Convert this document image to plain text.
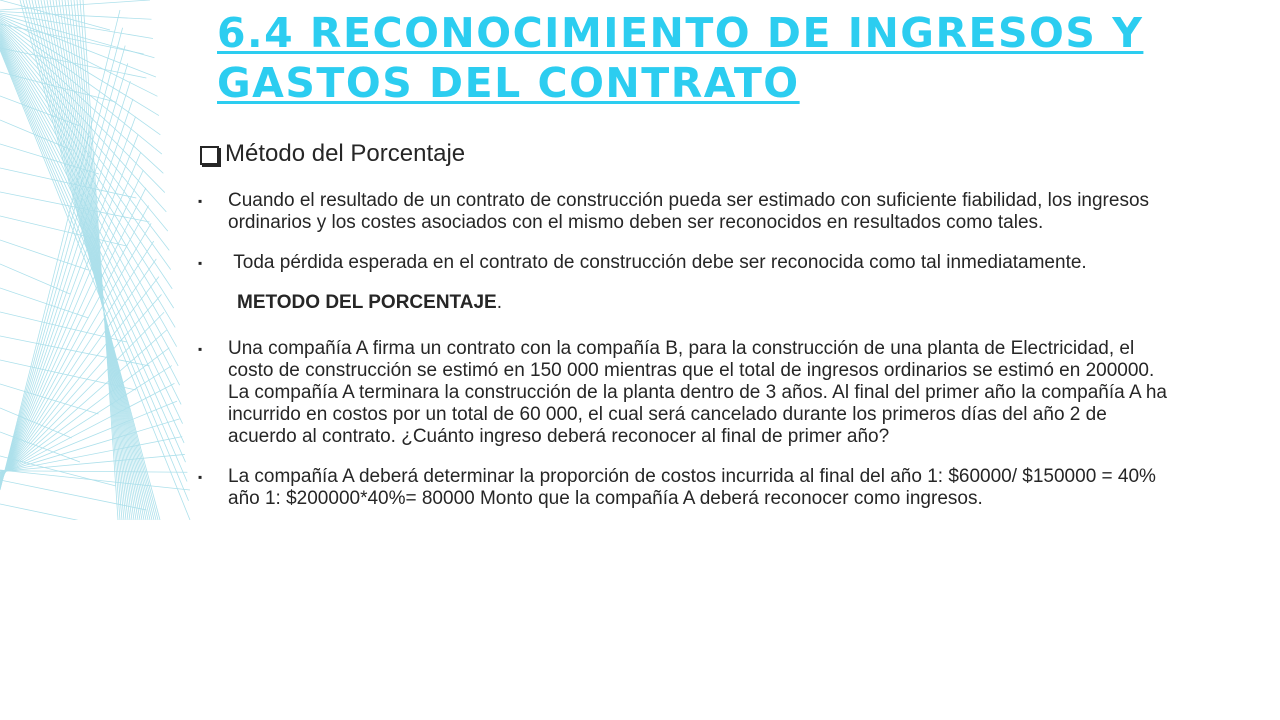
6.4 RECONOCIMIENTO DE INGRESOS Y GASTOS DEL CONTRATO
Método del Porcentaje
▪	Cuando el resultado de un contrato de construcción pueda ser estimado con suficiente fiabilidad, los ingresos ordinarios y los costes asociados con el mismo deben ser reconocidos en resultados como tales.
▪	Toda pérdida esperada en el contrato de construcción debe ser reconocida como tal inmediatamente.
METODO DEL PORCENTAJE.
▪	Una compañía A firma un contrato con la compañía B, para la construcción de una planta de Electricidad, el costo de construcción se estimó en 150 000 mientras que el total de ingresos ordinarios se estimó en 200000. La compañía A terminara la construcción de la planta dentro de 3 años. Al final del primer año la compañía A ha incurrido en costos por un total de 60 000, el cual será cancelado durante los primeros días del año 2 de acuerdo al contrato. ¿Cuánto ingreso deberá reconocer al final de primer año?
▪	La compañía A deberá determinar la proporción de costos incurrida al final del año 1: $60000/ $150000 = 40% año 1: $200000*40%= 80000 Monto que la compañía A deberá reconocer como ingresos.
